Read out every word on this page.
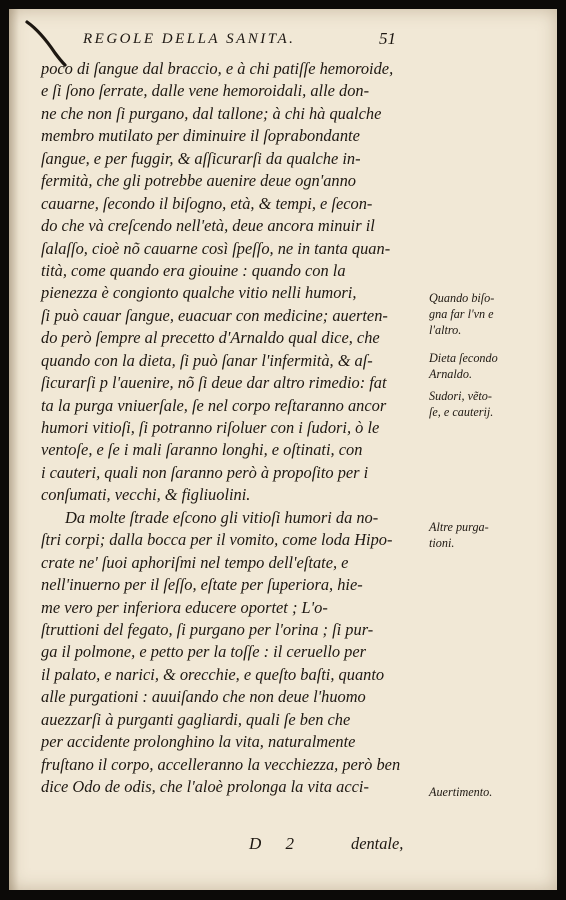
REGOLE DELLA SANITA.	51
poco di ſangue dal braccio, e à chi patiſſe hemoroide,
e ſi ſono ſerrate, dalle vene hemoroidali, alle don-
ne che non ſi purgano, dal tallone; à chi hà qualche
membro mutilato per diminuire il ſoprabondante
ſangue, e per fuggir, & aſſicurarſi da qualche in-
fermità, che gli potrebbe auenire deue ogn'anno
cauarne, ſecondo il biſogno, età, & tempi, e ſecon-
do che và creſcendo nell'età, deue ancora minuir il
ſalaſſo, cioè nõ cauarne così ſpeſſo, ne in tanta quan-
tità, come quando era giouine : quando con la
pienezza è congionto qualche vitio nelli humori,
ſi può cauar ſangue, euacuar con medicine; auerten-
do però ſempre al precetto d'Arnaldo qual dice, che
quando con la dieta, ſi può ſanar l'infermità, & aſ-
ſicurarſi p l'auenire, nõ ſi deue dar altro rimedio: fat
ta la purga vniuerſale, ſe nel corpo reſtaranno ancor
humori vitioſi, ſi potranno riſoluer con i ſudori, ò le
ventoſe, e ſe i mali ſaranno longhi, e oſtinati, con
i cauteri, quali non ſaranno però à propoſito per i
conſumati, vecchi, & figliuolini.
Da molte ſtrade eſcono gli vitioſi humori da no-
ſtri corpi; dalla bocca per il vomito, come loda Hipo-
crate ne' ſuoi aphoriſmi nel tempo dell'eſtate, e
nell'inuerno per il ſeſſo, eſtate per ſuperiora, hie-
me vero per inferiora educere oportet ; L'o-
ſtruttioni del fegato, ſi purgano per l'orina ; ſi pur-
ga il polmone, e petto per la toſſe : il ceruello per
il palato, e narici, & orecchie, e queſto baſti, quanto
alle purgationi : auuiſando che non deue l'huomo
auezzarſi à purganti gagliardi, quali ſe ben che
per accidente prolonghino la vita, naturalmente
fruſtano il corpo, accelleranno la vecchiezza, però ben
dice Odo de odis, che l'aloè prolonga la vita acci-
Quando biſo-
gna far l'vn e
l'altro.
Dieta ſecondo
Arnaldo.
Sudori, vẽto-
ſe, e cauterij.
Altre purga-
tioni.
Auertimento.
D 2	dentale,
